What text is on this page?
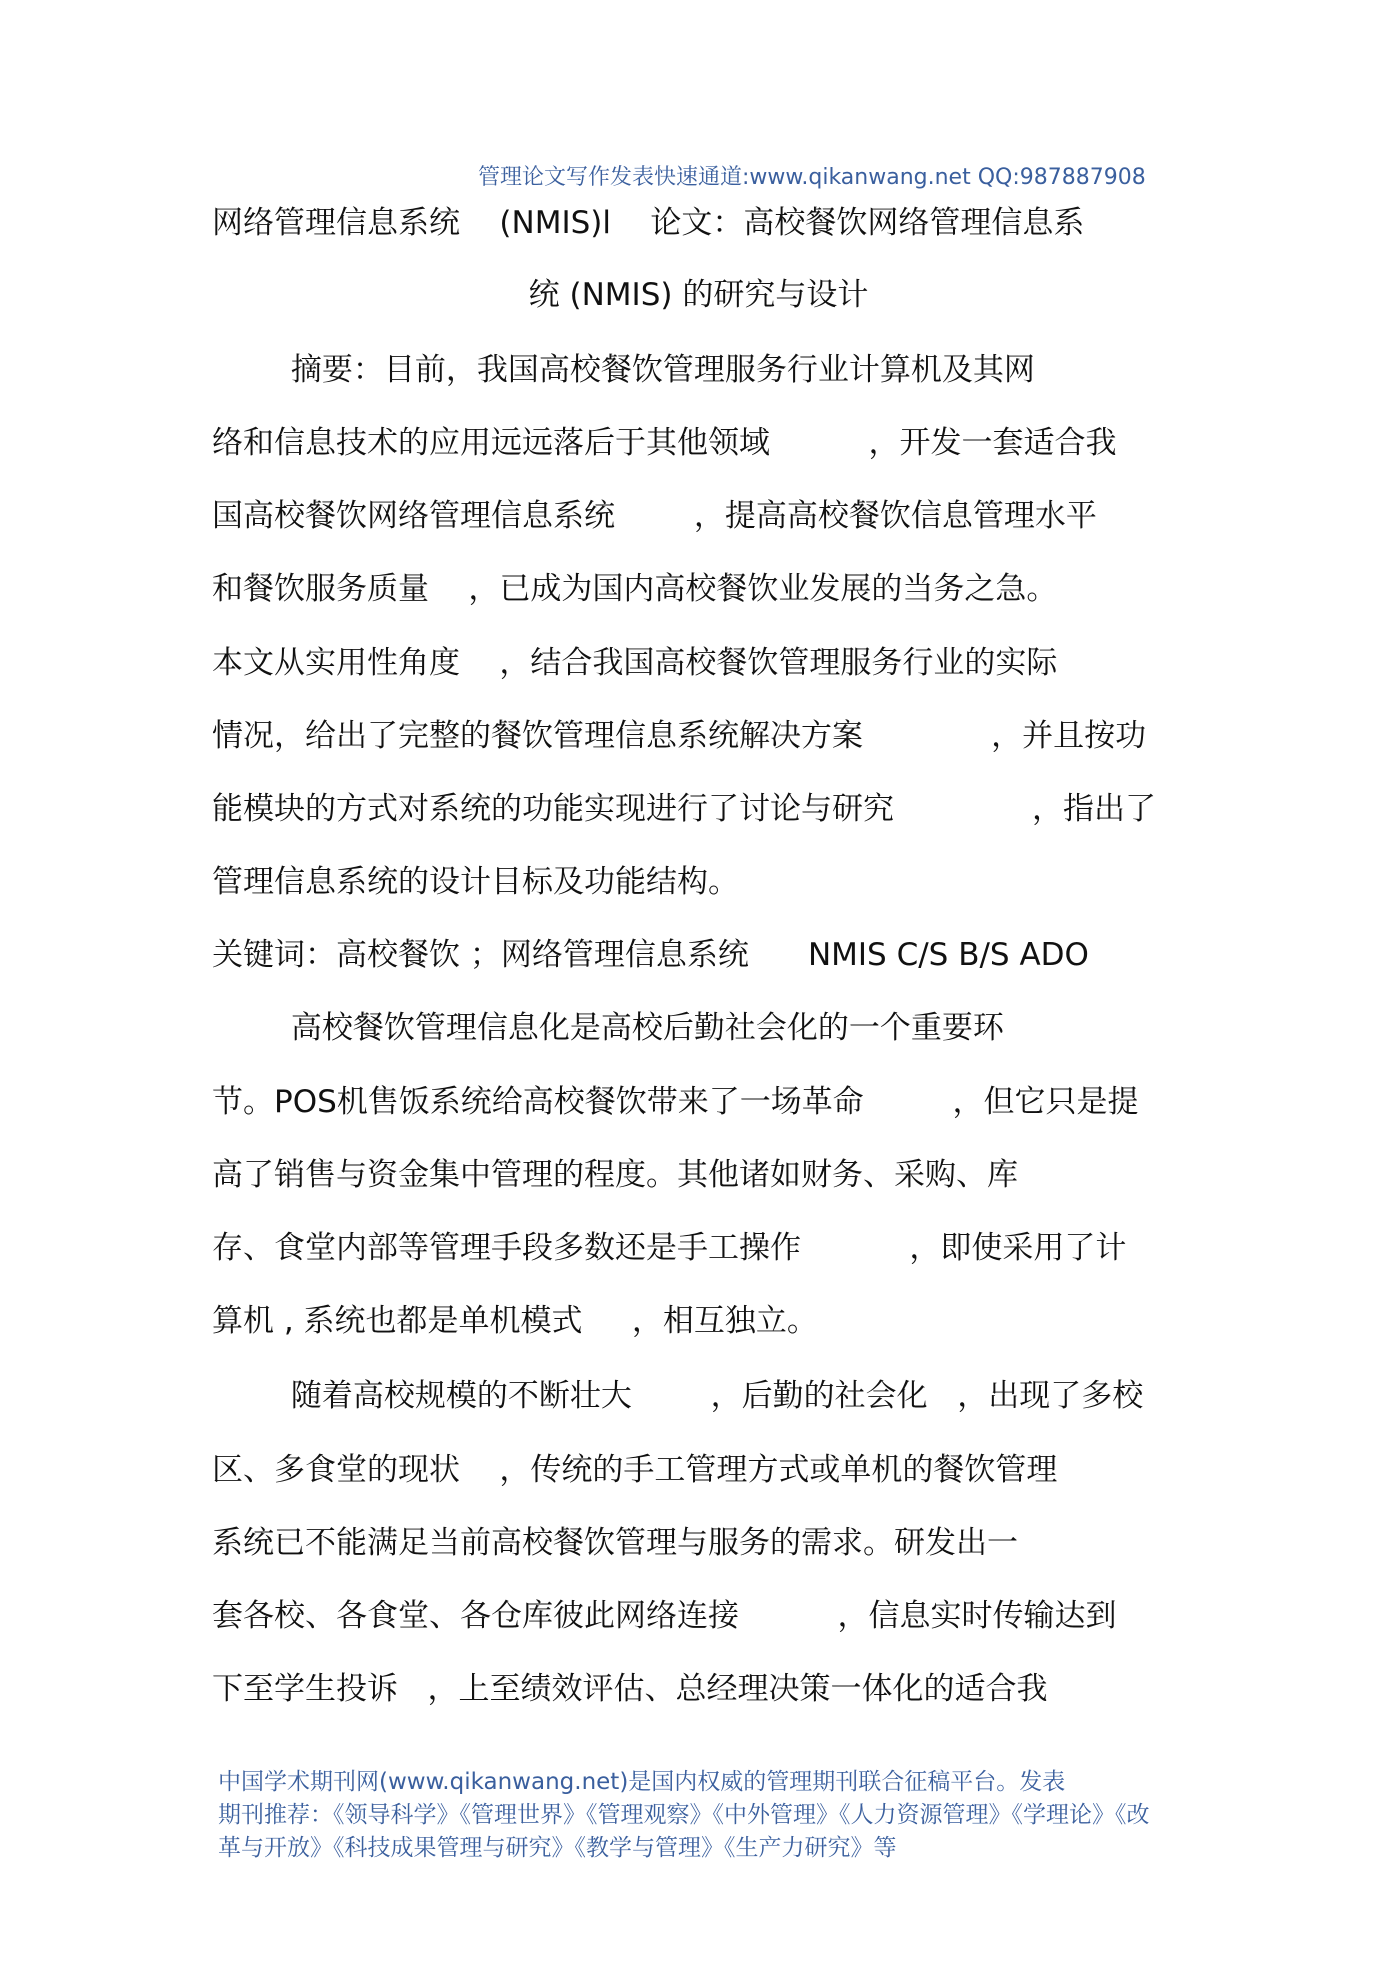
管理论文写作发表快速通道:www.qikanwang.net QQ:987887908
网络管理信息系统    (NMIS)l    论文：高校餐饮网络管理信息系
统 (NMIS) 的研究与设计
摘要：目前，我国高校餐饮管理服务行业计算机及其网
络和信息技术的应用远远落后于其他领域          ，开发一套适合我
国高校餐饮网络管理信息系统        ，提高高校餐饮信息管理水平
和餐饮服务质量    ，已成为国内高校餐饮业发展的当务之急。
本文从实用性角度    ，结合我国高校餐饮管理服务行业的实际
情况，给出了完整的餐饮管理信息系统解决方案             ，并且按功
能模块的方式对系统的功能实现进行了讨论与研究              ，指出了
管理信息系统的设计目标及功能结构。
关键词：高校餐饮 ；网络管理信息系统      NMIS C/S B/S ADO
高校餐饮管理信息化是高校后勤社会化的一个重要环
节。POS机售饭系统给高校餐饮带来了一场革命         ，但它只是提
高了销售与资金集中管理的程度。其他诸如财务、采购、库
存、食堂内部等管理手段多数还是手工操作           ，即使采用了计
算机 , 系统也都是单机模式     ，相互独立。
随着高校规模的不断壮大        ，后勤的社会化   ，出现了多校
区、多食堂的现状    ，传统的手工管理方式或单机的餐饮管理
系统已不能满足当前高校餐饮管理与服务的需求。研发出一
套各校、各食堂、各仓库彼此网络连接          ，信息实时传输达到
下至学生投诉   ，上至绩效评估、总经理决策一体化的适合我
中国学术期刊网(www.qikanwang.net)是国内权威的管理期刊联合征稿平台。发表
期刊推荐：《领导科学》《管理世界》《管理观察》《中外管理》《人力资源管理》《学理论》《改
革与开放》《科技成果管理与研究》《教学与管理》《生产力研究》等
